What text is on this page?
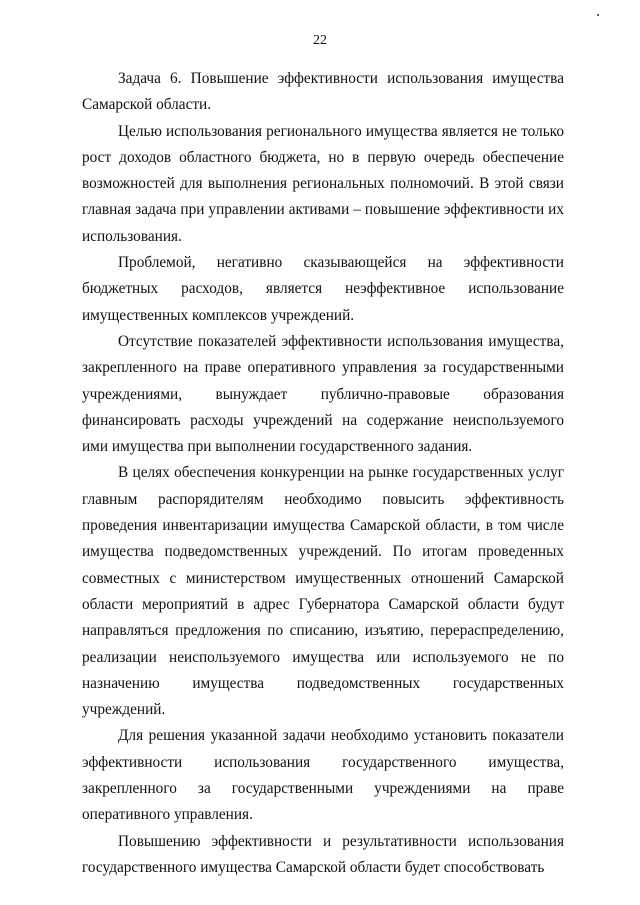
22

Задача 6. Повышение эффективности использования имущества Самарской области.

Целью использования регионального имущества является не только рост доходов областного бюджета, но в первую очередь обеспечение возможностей для выполнения региональных полномочий. В этой связи главная задача при управлении активами – повышение эффективности их использования.

Проблемой, негативно сказывающейся на эффективности бюджетных расходов, является неэффективное использование имущественных комплексов учреждений.

Отсутствие показателей эффективности использования имущества, закрепленного на праве оперативного управления за государственными учреждениями, вынуждает публично-правовые образования финансировать расходы учреждений на содержание неиспользуемого ими имущества при выполнении государственного задания.

В целях обеспечения конкуренции на рынке государственных услуг главным распорядителям необходимо повысить эффективность проведения инвентаризации имущества Самарской области, в том числе имущества подведомственных учреждений. По итогам проведенных совместных с министерством имущественных отношений Самарской области мероприятий в адрес Губернатора Самарской области будут направляться предложения по списанию, изъятию, перераспределению, реализации неиспользуемого имущества или используемого не по назначению имущества подведомственных государственных учреждений.

Для решения указанной задачи необходимо установить показатели эффективности использования государственного имущества, закрепленного за государственными учреждениями на праве оперативного управления.

Повышению эффективности и результативности использования государственного имущества Самарской области будет способствовать
